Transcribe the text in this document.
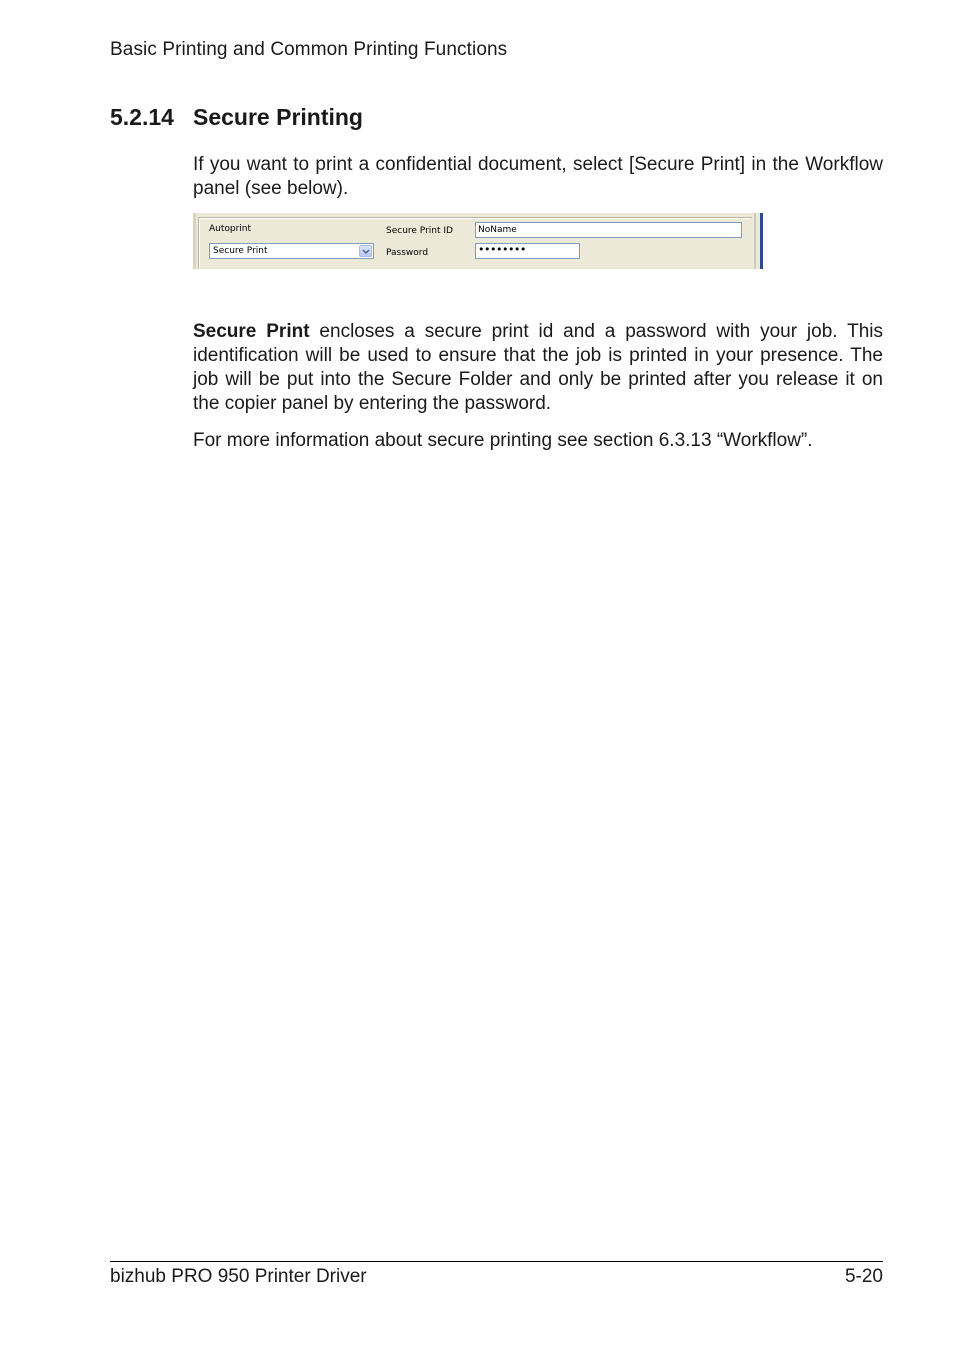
Basic Printing and Common Printing Functions
5.2.14 Secure Printing

If you want to print a confidential document, select [Secure Print] in the Workflow panel (see below).

Autoprint
Secure Print
Secure Print ID	NoName
Password	••••••••

Secure Print encloses a secure print id and a password with your job. This identification will be used to ensure that the job is printed in your presence. The job will be put into the Secure Folder and only be printed after you release it on the copier panel by entering the password.

For more information about secure printing see section 6.3.13 “Workflow”.

bizhub PRO 950 Printer Driver	5-20
